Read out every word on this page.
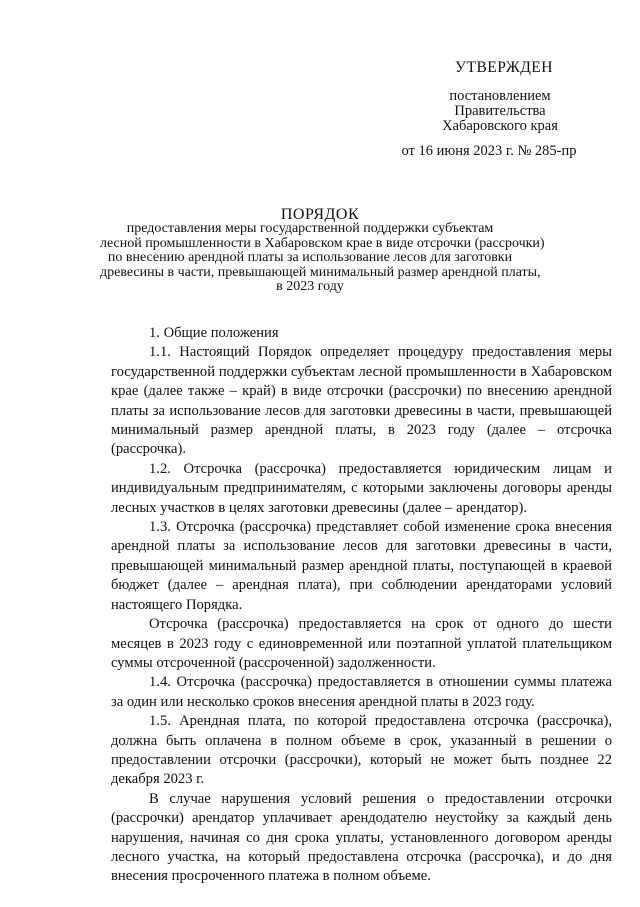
УТВЕРЖДЕН
постановлением
Правительства
Хабаровского края
от 16 июня 2023 г. № 285-пр
ПОРЯДОК
предоставления меры государственной поддержки субъектам
лесной промышленности в Хабаровском крае в виде отсрочки (рассрочки)
по внесению арендной платы за использование лесов для заготовки
древесины в части, превышающей минимальный размер арендной платы,
в 2023 году
1. Общие положения

1.1. Настоящий Порядок определяет процедуру предоставления меры государственной поддержки субъектам лесной промышленности в Хабаровском крае (далее также – край) в виде отсрочки (рассрочки) по внесению арендной платы за использование лесов для заготовки древесины в части, превышающей минимальный размер арендной платы, в 2023 году (далее – отсрочка (рассрочка).

1.2. Отсрочка (рассрочка) предоставляется юридическим лицам и индивидуальным предпринимателям, с которыми заключены договоры аренды лесных участков в целях заготовки древесины (далее – арендатор).

1.3. Отсрочка (рассрочка) представляет собой изменение срока внесения арендной платы за использование лесов для заготовки древесины в части, превышающей минимальный размер арендной платы, поступающей в краевой бюджет (далее – арендная плата), при соблюдении арендаторами условий настоящего Порядка.

Отсрочка (рассрочка) предоставляется на срок от одного до шести месяцев в 2023 году с единовременной или поэтапной уплатой плательщиком суммы отсроченной (рассроченной) задолженности.

1.4. Отсрочка (рассрочка) предоставляется в отношении суммы платежа за один или несколько сроков внесения арендной платы в 2023 году.

1.5. Арендная плата, по которой предоставлена отсрочка (рассрочка), должна быть оплачена в полном объеме в срок, указанный в решении о предоставлении отсрочки (рассрочки), который не может быть позднее 22 декабря 2023 г.

В случае нарушения условий решения о предоставлении отсрочки (рассрочки) арендатор уплачивает арендодателю неустойку за каждый день нарушения, начиная со дня срока уплаты, установленного договором аренды лесного участка, на который предоставлена отсрочка (рассрочка), и до дня внесения просроченного платежа в полном объеме.
